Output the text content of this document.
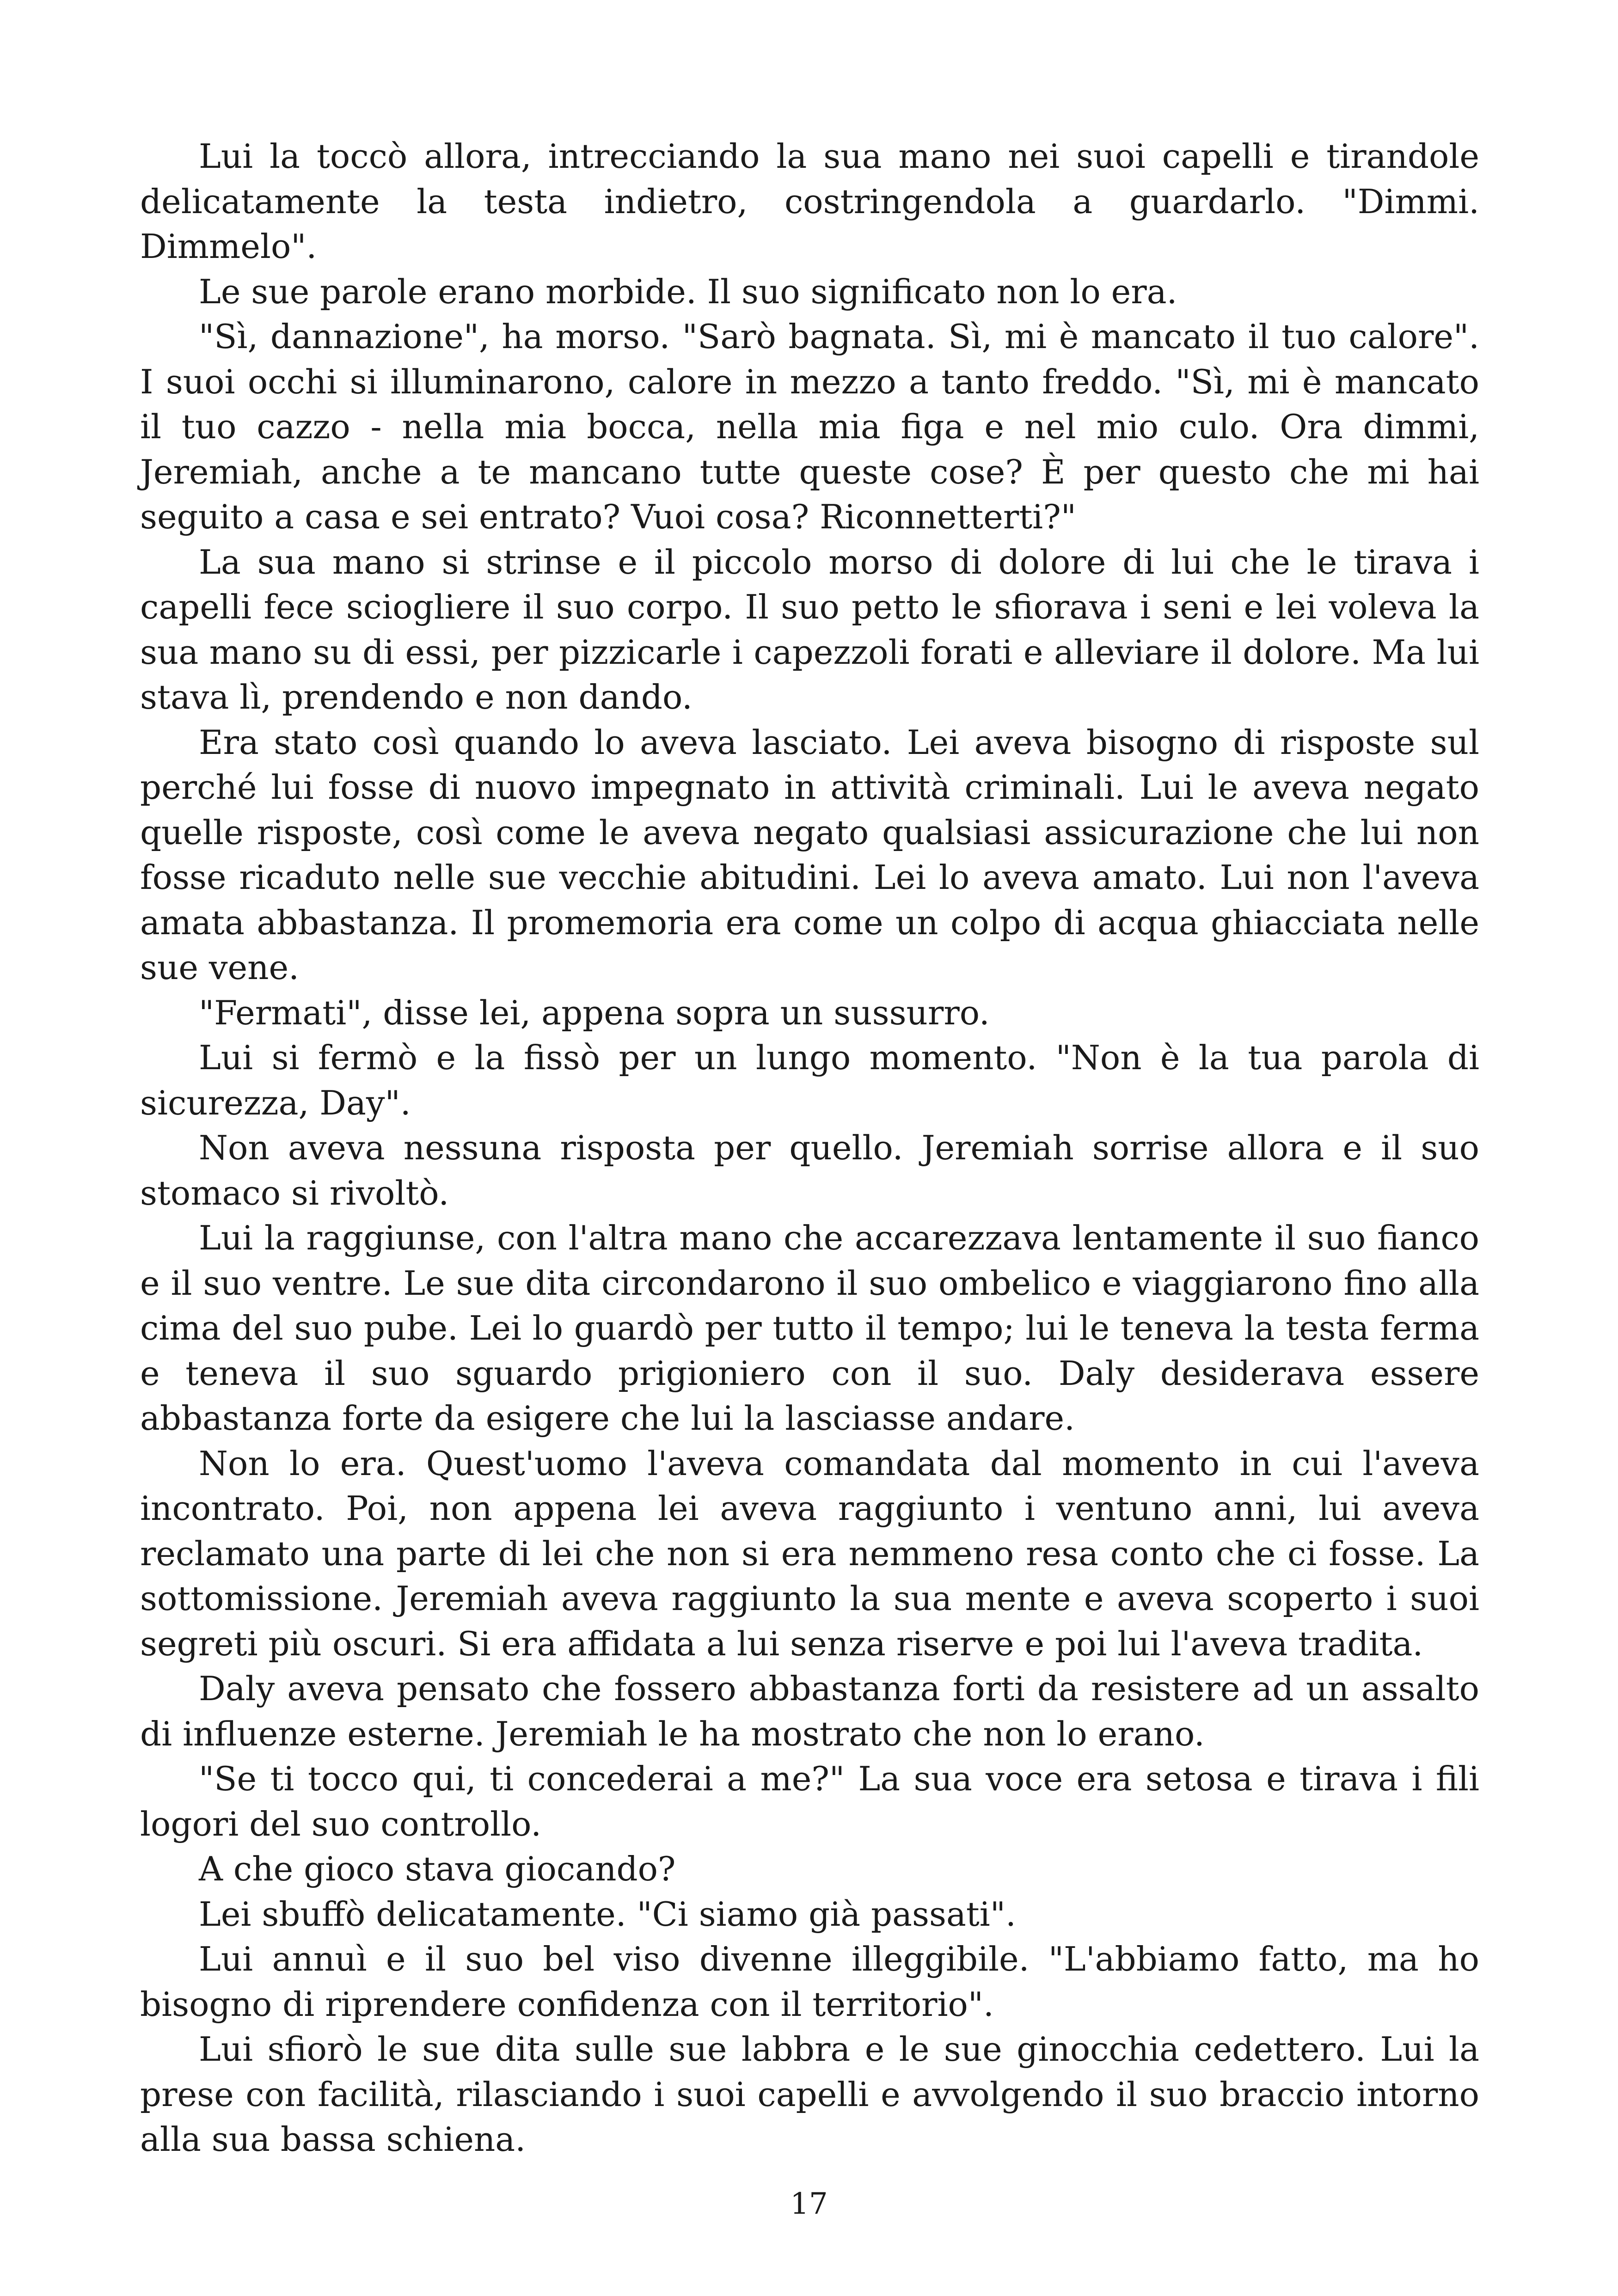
Lui la toccò allora, intrecciando la sua mano nei suoi capelli e tirandole delicatamente la testa indietro, costringendola a guardarlo. "Dimmi. Dimmelo".

Le sue parole erano morbide. Il suo significato non lo era.

"Sì, dannazione", ha morso. "Sarò bagnata. Sì, mi è mancato il tuo calore". I suoi occhi si illuminarono, calore in mezzo a tanto freddo. "Sì, mi è mancato il tuo cazzo - nella mia bocca, nella mia figa e nel mio culo. Ora dimmi, Jeremiah, anche a te mancano tutte queste cose? È per questo che mi hai seguito a casa e sei entrato? Vuoi cosa? Riconnetterti?"

La sua mano si strinse e il piccolo morso di dolore di lui che le tirava i capelli fece sciogliere il suo corpo. Il suo petto le sfiorava i seni e lei voleva la sua mano su di essi, per pizzicarle i capezzoli forati e alleviare il dolore. Ma lui stava lì, prendendo e non dando.

Era stato così quando lo aveva lasciato. Lei aveva bisogno di risposte sul perché lui fosse di nuovo impegnato in attività criminali. Lui le aveva negato quelle risposte, così come le aveva negato qualsiasi assicurazione che lui non fosse ricaduto nelle sue vecchie abitudini. Lei lo aveva amato. Lui non l'aveva amata abbastanza. Il promemoria era come un colpo di acqua ghiacciata nelle sue vene.

"Fermati", disse lei, appena sopra un sussurro.

Lui si fermò e la fissò per un lungo momento. "Non è la tua parola di sicurezza, Day".

Non aveva nessuna risposta per quello. Jeremiah sorrise allora e il suo stomaco si rivoltò.

Lui la raggiunse, con l'altra mano che accarezzava lentamente il suo fianco e il suo ventre. Le sue dita circondarono il suo ombelico e viaggiarono fino alla cima del suo pube. Lei lo guardò per tutto il tempo; lui le teneva la testa ferma e teneva il suo sguardo prigioniero con il suo. Daly desiderava essere abbastanza forte da esigere che lui la lasciasse andare.

Non lo era. Quest'uomo l'aveva comandata dal momento in cui l'aveva incontrato. Poi, non appena lei aveva raggiunto i ventuno anni, lui aveva reclamato una parte di lei che non si era nemmeno resa conto che ci fosse. La sottomissione. Jeremiah aveva raggiunto la sua mente e aveva scoperto i suoi segreti più oscuri. Si era affidata a lui senza riserve e poi lui l'aveva tradita.

Daly aveva pensato che fossero abbastanza forti da resistere ad un assalto di influenze esterne. Jeremiah le ha mostrato che non lo erano.

"Se ti tocco qui, ti concederai a me?" La sua voce era setosa e tirava i fili logori del suo controllo.

A che gioco stava giocando?

Lei sbuffò delicatamente. "Ci siamo già passati".

Lui annuì e il suo bel viso divenne illeggibile. "L'abbiamo fatto, ma ho bisogno di riprendere confidenza con il territorio".

Lui sfiorò le sue dita sulle sue labbra e le sue ginocchia cedettero. Lui la prese con facilità, rilasciando i suoi capelli e avvolgendo il suo braccio intorno alla sua bassa schiena.

17
